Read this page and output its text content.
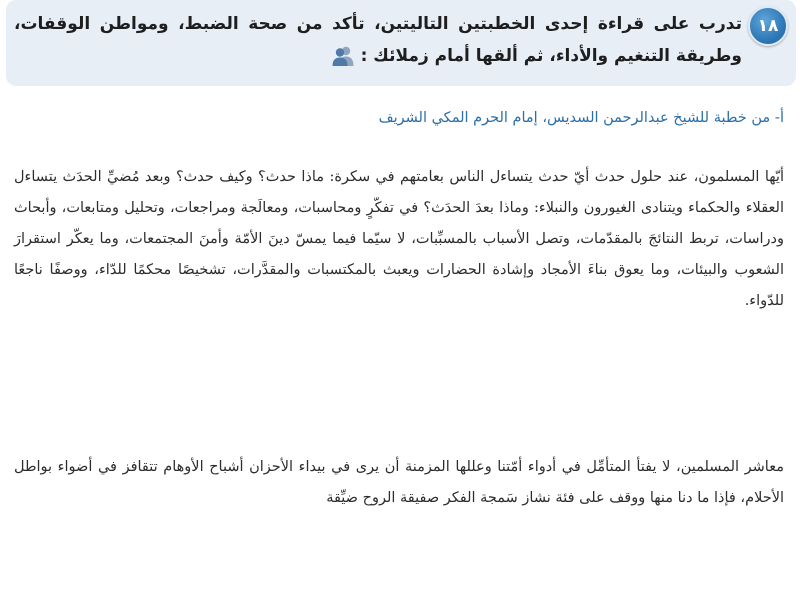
١٨
تدرب على قراءة إحدى الخطبتين التاليتين، تأكد من صحة الضبط، ومواطن الوقفات، وطريقة التنغيم والأداء، ثم ألقها أمام زملائك :
أ- من خطبة للشيخ عبدالرحمن السديس، إمام الحرم المكي الشريف
أيّها المسلمون، عند حلول حدث أيّ حدث يتساءل الناس بعامتهم في سكرة: ماذا حدث؟ وكيف حدث؟ وبعد مُضيِّ الحدَث يتساءل العقلاء والحكماء ويتنادى الغيورون والنبلاء: وماذا بعدَ الحدَث؟ في تفكّرٍ ومحاسبات، ومعالَجة ومراجعات، وتحليل ومتابعات، وأبحاث ودراسات، تربط النتائجَ بالمقدّمات، وتصل الأسباب بالمسبِّبات، لا سيّما فيما يمسّ دينَ الأمّة وأمنَ المجتمعات، وما يعكّر استقرارَ الشعوب والبيئات، وما يعوق بناءَ الأمجاد وإشادة الحضارات ويعبث بالمكتسبات والمقدَّرات، تشخيصًا محكمًا للدّاء، ووصفًا ناجعًا للدّواء.
معاشر المسلمين، لا يفتأ المتأمِّل في أدواء أمّتنا وعللها المزمنة أن يرى في بيداء الأحزان أشباح الأوهام تتقافز في أضواء بواطل الأحلام، فإذا ما دنا منها ووقف على فئة نشاز سَمجة الفكر صفيقة الروح ضيِّقة
